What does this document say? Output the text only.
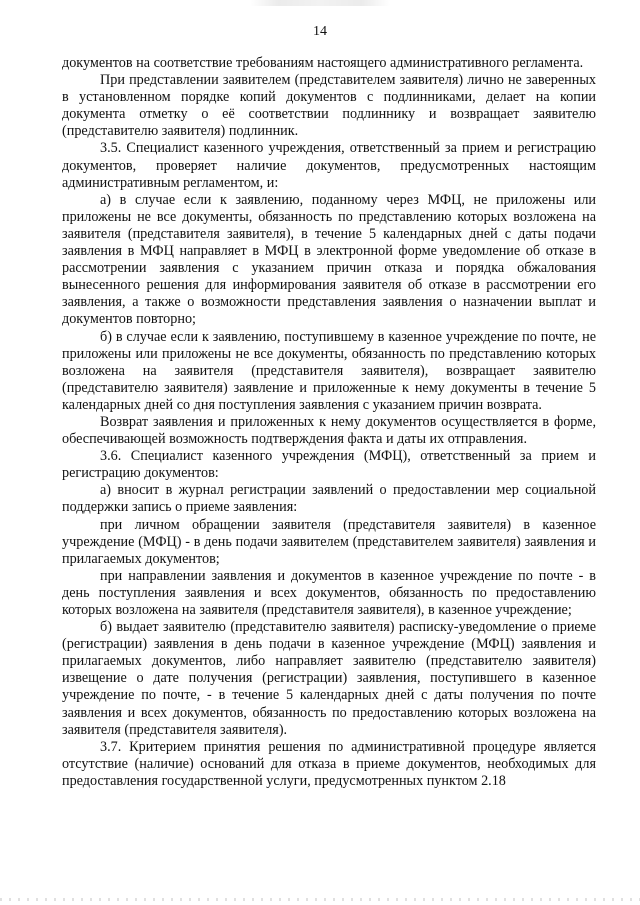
14

документов на соответствие требованиям настоящего административного регламента.

При представлении заявителем (представителем заявителя) лично не заверенных в установленном порядке копий документов с подлинниками, делает на копии документа отметку о её соответствии подлиннику и возвращает заявителю (представителю заявителя) подлинник.

3.5. Специалист казенного учреждения, ответственный за прием и регистрацию документов, проверяет наличие документов, предусмотренных настоящим административным регламентом, и:

а) в случае если к заявлению, поданному через МФЦ, не приложены или приложены не все документы, обязанность по представлению которых возложена на заявителя (представителя заявителя), в течение 5 календарных дней с даты подачи заявления в МФЦ направляет в МФЦ в электронной форме уведомление об отказе в рассмотрении заявления с указанием причин отказа и порядка обжалования вынесенного решения для информирования заявителя об отказе в рассмотрении его заявления, а также о возможности представления заявления о назначении выплат и документов повторно;

б) в случае если к заявлению, поступившему в казенное учреждение по почте, не приложены или приложены не все документы, обязанность по представлению которых возложена на заявителя (представителя заявителя), возвращает заявителю (представителю заявителя) заявление и приложенные к нему документы в течение 5 календарных дней со дня поступления заявления с указанием причин возврата.

Возврат заявления и приложенных к нему документов осуществляется в форме, обеспечивающей возможность подтверждения факта и даты их отправления.

3.6. Специалист казенного учреждения (МФЦ), ответственный за прием и регистрацию документов:

а) вносит в журнал регистрации заявлений о предоставлении мер социальной поддержки запись о приеме заявления:

при личном обращении заявителя (представителя заявителя) в казенное учреждение (МФЦ) - в день подачи заявителем (представителем заявителя) заявления и прилагаемых документов;

при направлении заявления и документов в казенное учреждение по почте - в день поступления заявления и всех документов, обязанность по предоставлению которых возложена на заявителя (представителя заявителя), в казенное учреждение;

б) выдает заявителю (представителю заявителя) расписку-уведомление о приеме (регистрации) заявления в день подачи в казенное учреждение (МФЦ) заявления и прилагаемых документов, либо направляет заявителю (представителю заявителя) извещение о дате получения (регистрации) заявления, поступившего в казенное учреждение по почте, - в течение 5 календарных дней с даты получения по почте заявления и всех документов, обязанность по предоставлению которых возложена на заявителя (представителя заявителя).

3.7. Критерием принятия решения по административной процедуре является отсутствие (наличие) оснований для отказа в приеме документов, необходимых для предоставления государственной услуги, предусмотренных пунктом 2.18
